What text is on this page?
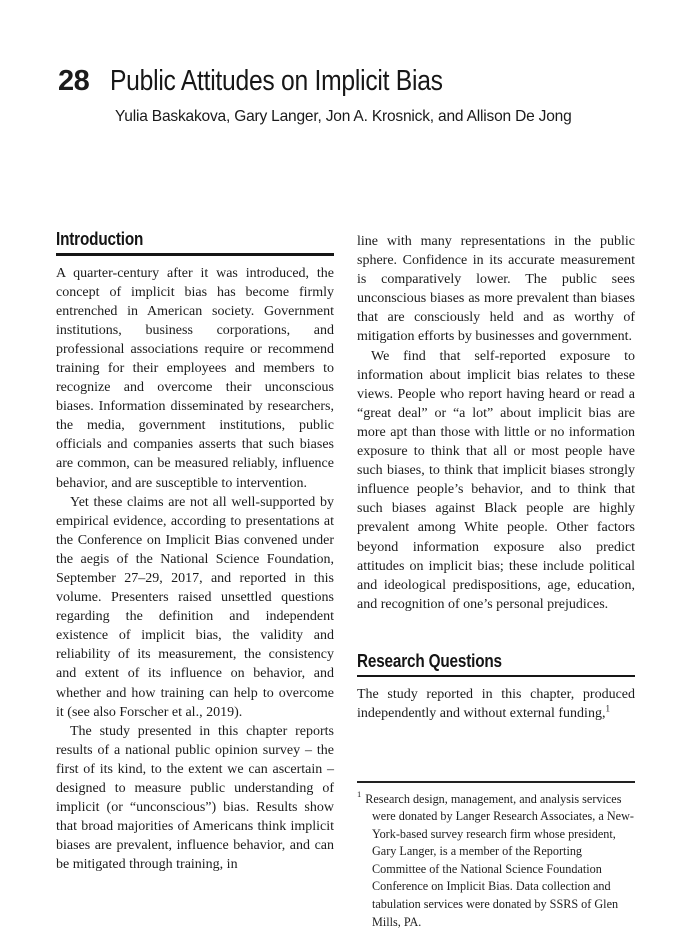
28 Public Attitudes on Implicit Bias
Yulia Baskakova, Gary Langer, Jon A. Krosnick, and Allison De Jong
Introduction

A quarter-century after it was introduced, the concept of implicit bias has become firmly entrenched in American society. Government institutions, business corporations, and professional associations require or recommend training for their employees and members to recognize and overcome their unconscious biases. Information disseminated by researchers, the media, government institutions, public officials and companies asserts that such biases are common, can be measured reliably, influence behavior, and are susceptible to intervention.

Yet these claims are not all well-supported by empirical evidence, according to presentations at the Conference on Implicit Bias convened under the aegis of the National Science Foundation, September 27–29, 2017, and reported in this volume. Presenters raised unsettled questions regarding the definition and independent existence of implicit bias, the validity and reliability of its measurement, the consistency and extent of its influence on behavior, and whether and how training can help to overcome it (see also Forscher et al., 2019).

The study presented in this chapter reports results of a national public opinion survey – the first of its kind, to the extent we can ascertain – designed to measure public understanding of implicit (or “unconscious”) bias. Results show that broad majorities of Americans think implicit biases are prevalent, influence behavior, and can be mitigated through training, in

line with many representations in the public sphere. Confidence in its accurate measurement is comparatively lower. The public sees unconscious biases as more prevalent than biases that are consciously held and as worthy of mitigation efforts by businesses and government.

We find that self-reported exposure to information about implicit bias relates to these views. People who report having heard or read a “great deal” or “a lot” about implicit bias are more apt than those with little or no information exposure to think that all or most people have such biases, to think that implicit biases strongly influence people’s behavior, and to think that such biases against Black people are highly prevalent among White people. Other factors beyond information exposure also predict attitudes on implicit bias; these include political and ideological predispositions, age, education, and recognition of one’s personal prejudices.

Research Questions

The study reported in this chapter, produced independently and without external funding,$^1$

$^1$ Research design, management, and analysis services were donated by Langer Research Associates, a New-York-based survey research firm whose president, Gary Langer, is a member of the Reporting Committee of the National Science Foundation Conference on Implicit Bias. Data collection and tabulation services were donated by SSRS of Glen Mills, PA.
